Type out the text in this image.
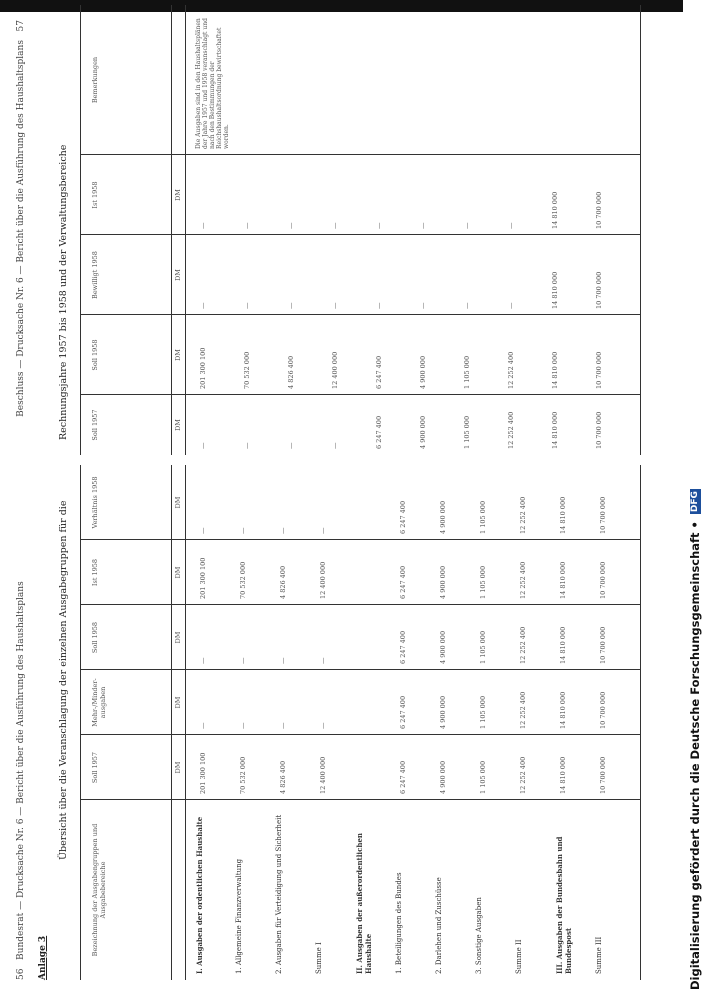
56   Bundesrat — Drucksache Nr. 6 — Bericht über die Ausführung des Haushaltsplans
Beschluss — Drucksache Nr. 6 — Bericht über die Ausführung des Haushaltsplans   57
Anlage 3
Übersicht über die Veranschlagung der einzelnen Ausgabegruppen für die
Rechnungsjahre 1957 bis 1958 und der Verwaltungsbereiche
Bezeichnung der Ausgabengruppen und Ausgabebereiche
Soll 1957
Mehr-/Minder- ausgaben
Soll 1958
Ist 1958
Verhältnis 1958
DM
DM
DM
DM
DM
I. Ausgaben der ordentlichen Haushalte
201 300 100
—
—
201 300 100
—
1. Allgemeine Finanzverwaltung
70 532 000
—
—
70 532 000
—
2. Ausgaben für Verteidigung und Sicherheit
4 826 400
—
—
4 826 400
—
Summe I
12 400 000
—
—
12 400 000
—
II. Ausgaben der außerordentlichen Haushalte	1. Beteiligungen des Bundes
6 247 400
6 247 400
6 247 400
6 247 400
6 247 400
2. Darlehen und Zuschüsse
4 900 000
4 900 000
4 900 000
4 900 000
4 900 000
3. Sonstige Ausgaben
1 105 000
1 105 000
1 105 000
1 105 000
1 105 000
Summe II
12 252 400
12 252 400
12 252 400
12 252 400
12 252 400
III. Ausgaben der Bundesbahn und Bundespost
14 810 000
14 810 000
14 810 000
14 810 000
14 810 000
Summe III
10 700 000
10 700 000
10 700 000
10 700 000
10 700 000
Soll 1957
Soll 1958
Bewilligt 1958
Ist 1958
Bemerkungen
DM
DM
DM
DM
—
201 300 100
—
—
—
70 532 000
—
—
—
4 826 400
—
—
—
12 400 000
—
—
6 247 400
6 247 400
—
—
4 900 000
4 900 000
—
—
1 105 000
1 105 000
—
—
12 252 400
12 252 400
—
—
14 810 000
14 810 000
14 810 000
14 810 000
10 700 000
10 700 000
10 700 000
10 700 000
Die Ausgaben sind in den Haushaltsplänen der Jahre 1957 und 1958 veranschlagt und nach den Bestimmungen der Reichshaushaltsordnung bewirtschaftet worden.
Digitalisierung gefördert durch die Deutsche Forschungsgemeinschaft • DFG
